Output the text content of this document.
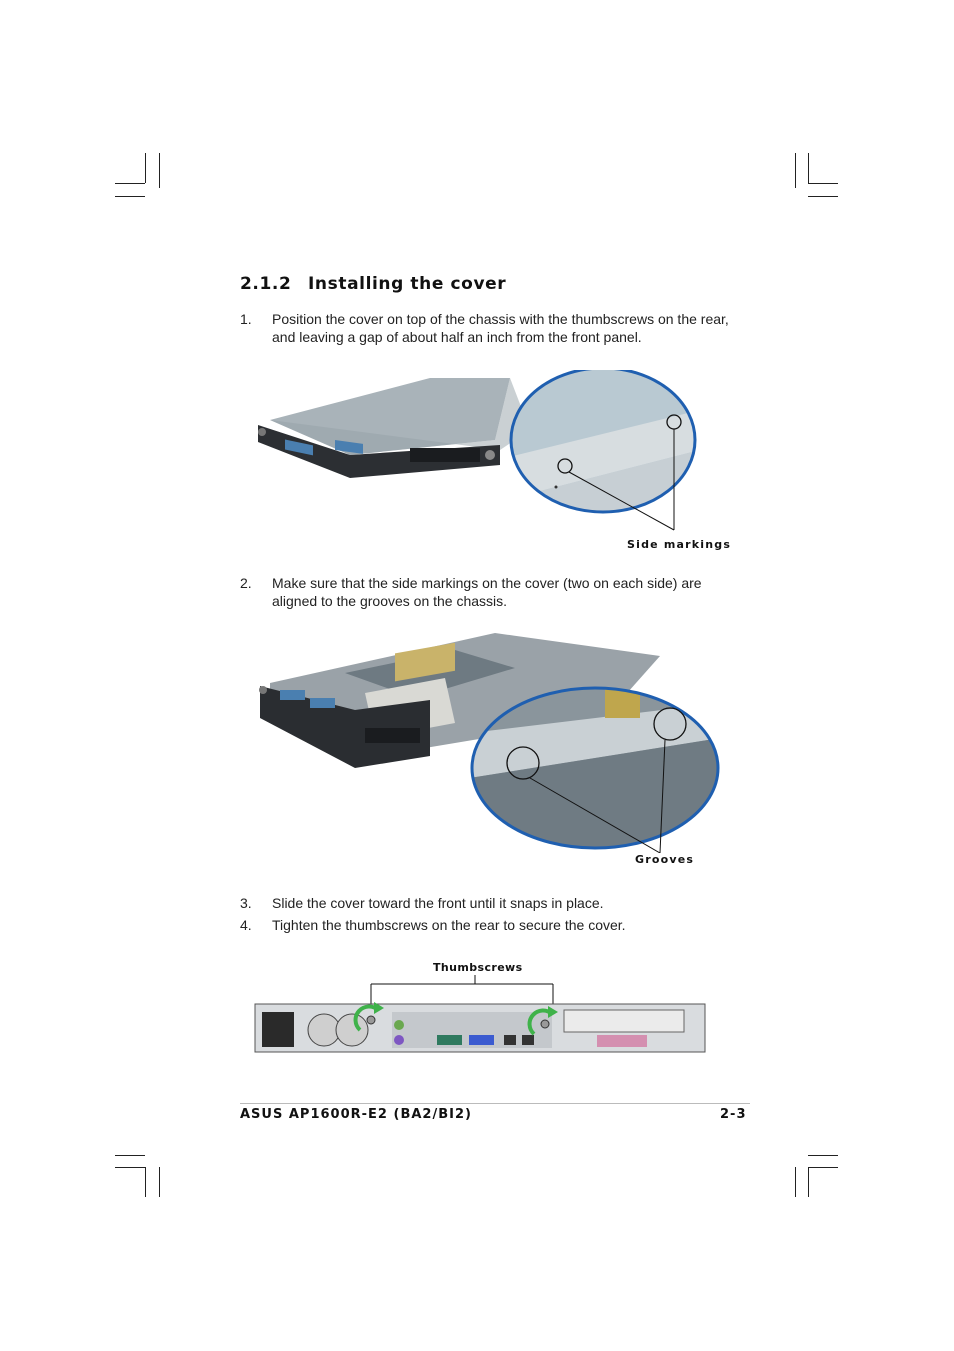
2.1.2 Installing the cover
1. Position the cover on top of the chassis with the thumbscrews on the rear, and leaving a gap of about half an inch from the front panel.
Side markings
2. Make sure that the side markings on the cover (two on each side) are aligned to the grooves on the chassis.
Grooves
3. Slide the cover toward the front until it snaps in place.
4. Tighten the thumbscrews on the rear to secure the cover.
Thumbscrews
ASUS AP1600R-E2 (BA2/BI2)	2-3
